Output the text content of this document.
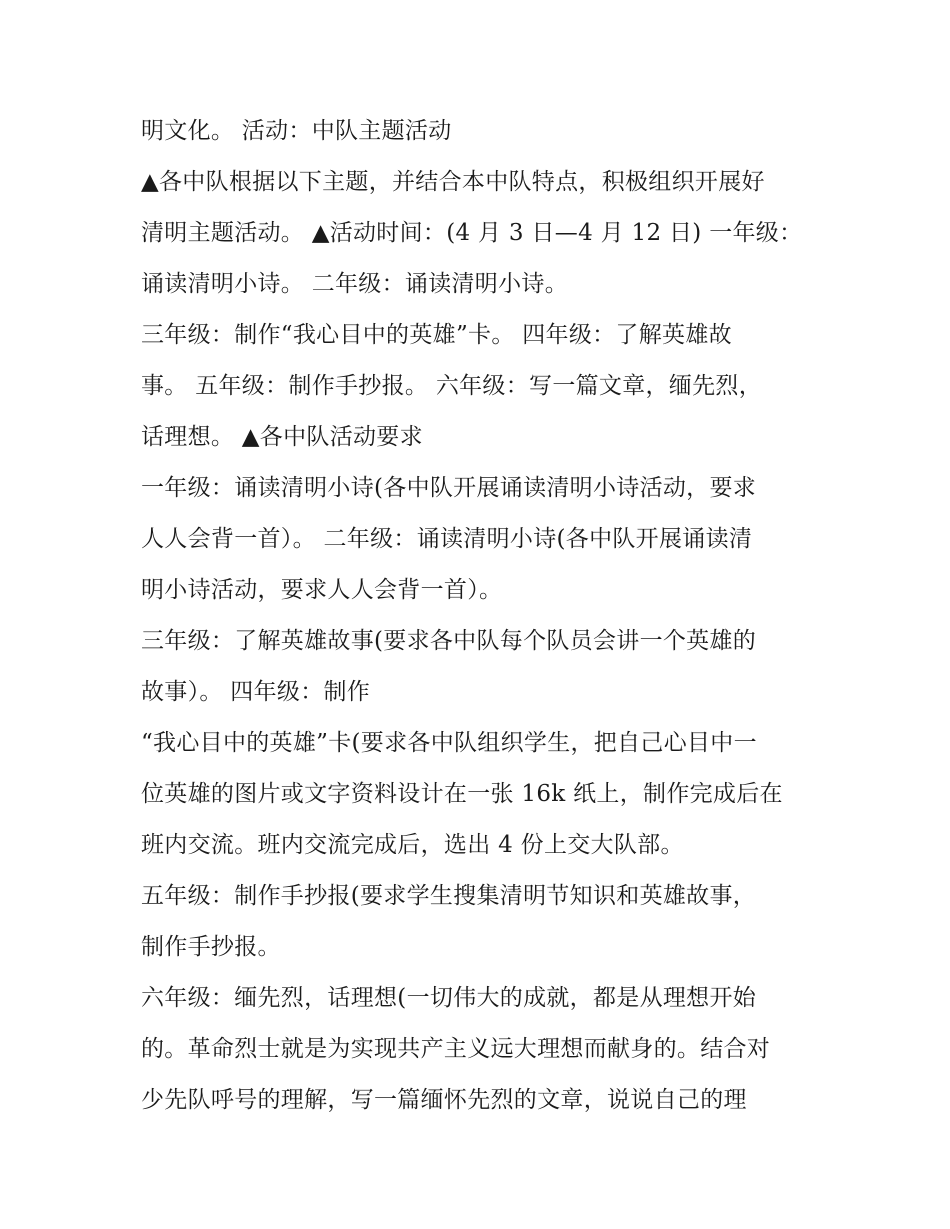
明文化。 活动：中队主题活动
▲各中队根据以下主题，并结合本中队特点，积极组织开展好
清明主题活动。 ▲活动时间：(4 月 3 日—4 月 12 日) 一年级：
诵读清明小诗。 二年级：诵读清明小诗。
三年级：制作“我心目中的英雄”卡。 四年级：了解英雄故
事。 五年级：制作手抄报。 六年级：写一篇文章，缅先烈，
话理想。 ▲各中队活动要求
一年级：诵读清明小诗(各中队开展诵读清明小诗活动，要求
人人会背一首）。 二年级：诵读清明小诗(各中队开展诵读清
明小诗活动，要求人人会背一首）。
三年级：了解英雄故事(要求各中队每个队员会讲一个英雄的
故事）。 四年级：制作
“我心目中的英雄”卡(要求各中队组织学生，把自己心目中一
位英雄的图片或文字资料设计在一张 16k 纸上，制作完成后在
班内交流。班内交流完成后，选出 4 份上交大队部。
五年级：制作手抄报(要求学生搜集清明节知识和英雄故事，
制作手抄报。
六年级：缅先烈，话理想(一切伟大的成就，都是从理想开始
的。革命烈士就是为实现共产主义远大理想而献身的。结合对
少先队呼号的理解，写一篇缅怀先烈的文章，说说自己的理
